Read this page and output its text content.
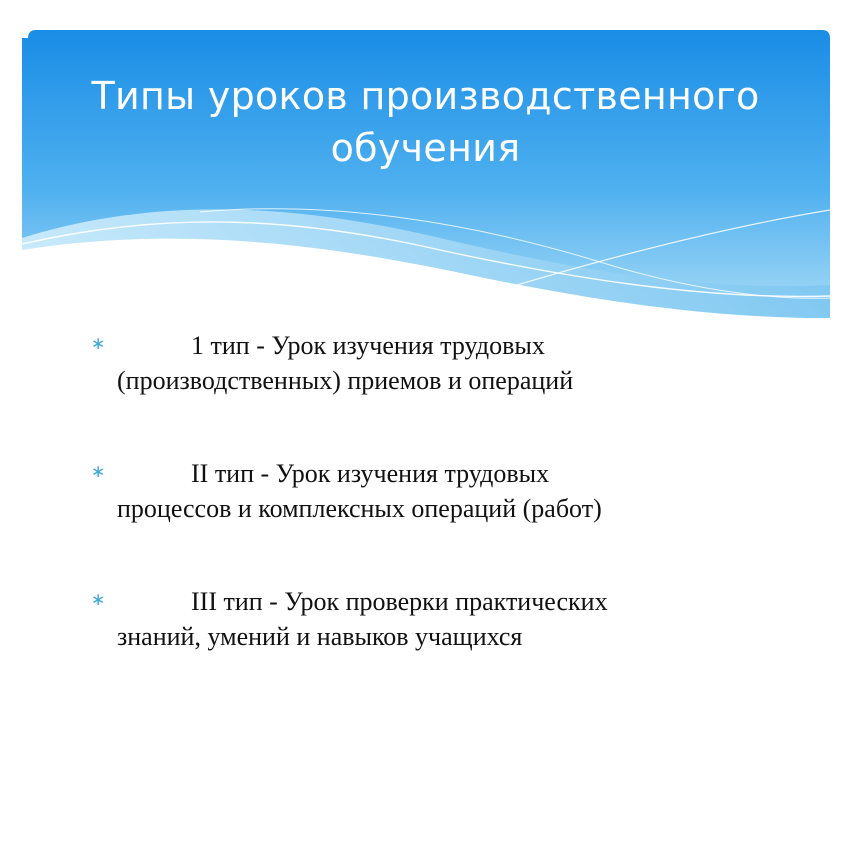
Типы уроков производственного
обучения
∗	1 тип - Урок изучения трудовых
(производственных) приемов и операций
∗	II тип - Урок изучения трудовых
процессов и комплексных операций (работ)
∗	III тип - Урок проверки практических
знаний, умений и навыков учащихся
